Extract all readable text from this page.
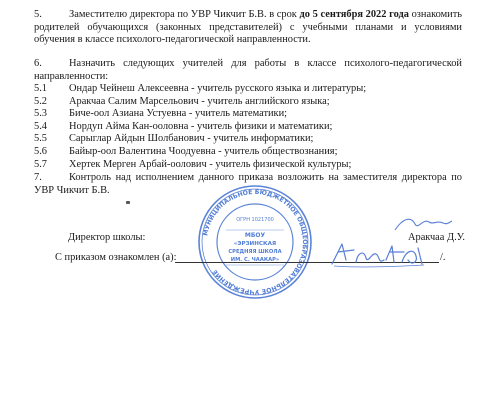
5.	Заместителю директора по УВР Чикчит Б.В. в срок до 5 сентября 2022 года ознакомить родителей обучающихся (законных представителей) с учебными планами и условиями обучения в классе психолого-педагогической направленности.
6.	Назначить следующих учителей для работы в классе психолого-педагогической направленности:
5.1	Ондар Чейнеш Алексеевна - учитель русского языка и литературы;
5.2	Аракчаа Салим Марсельович - учитель английского языка;
5.3	Биче-оол Азиана Устуевна - учитель математики;
5.4	Нордуп Айма Кан-ооловна - учитель физики и математики;
5.5	Сарыглар Айдын Шолбанович - учитель информатики;
5.6	Байыр-оол Валентина Чоодуевна - учитель обществознания;
5.7	Хертек Мерген Арбай-оолович - учитель физической культуры;
7.	Контроль над исполнением данного приказа возложить на заместителя директора по УВР Чикчит Б.В.
МУНИЦИПАЛЬНОЕ БЮДЖЕТНОЕ ОБЩЕОБРАЗОВАТЕЛЬНОЕ УЧРЕЖДЕНИЕ
ОГРН 1021700
МБОУ
«ЭРЗИНСКАЯ
СРЕДНЯЯ ШКОЛА
ИМ. С. ЧААКАР»
Директор школы:	Аракчаа Д.У.
С приказом ознакомлен (а):	/.
